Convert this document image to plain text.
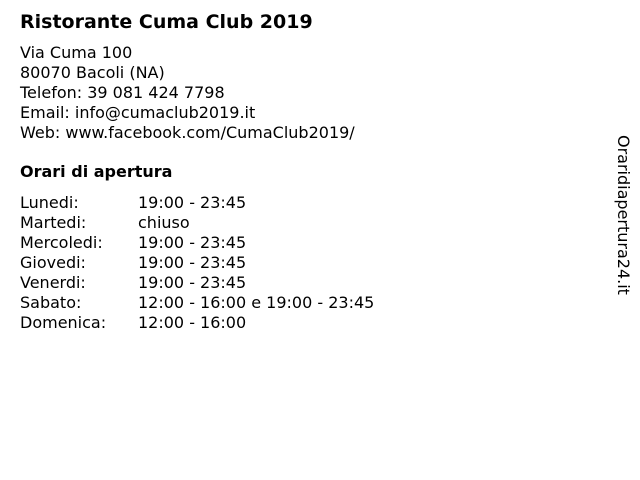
Ristorante Cuma Club 2019
Via Cuma 100
80070 Bacoli (NA)
Telefon: 39 081 424 7798
Email: info@cumaclub2019.it
Web: www.facebook.com/CumaClub2019/
Orari di apertura
Lunedi:	19:00 - 23:45
Martedi:	chiuso
Mercoledi:	19:00 - 23:45
Giovedi:	19:00 - 23:45
Venerdi:	19:00 - 23:45
Sabato:	12:00 - 16:00 e 19:00 - 23:45
Domenica:	12:00 - 16:00
Oraridiapertura24.it
